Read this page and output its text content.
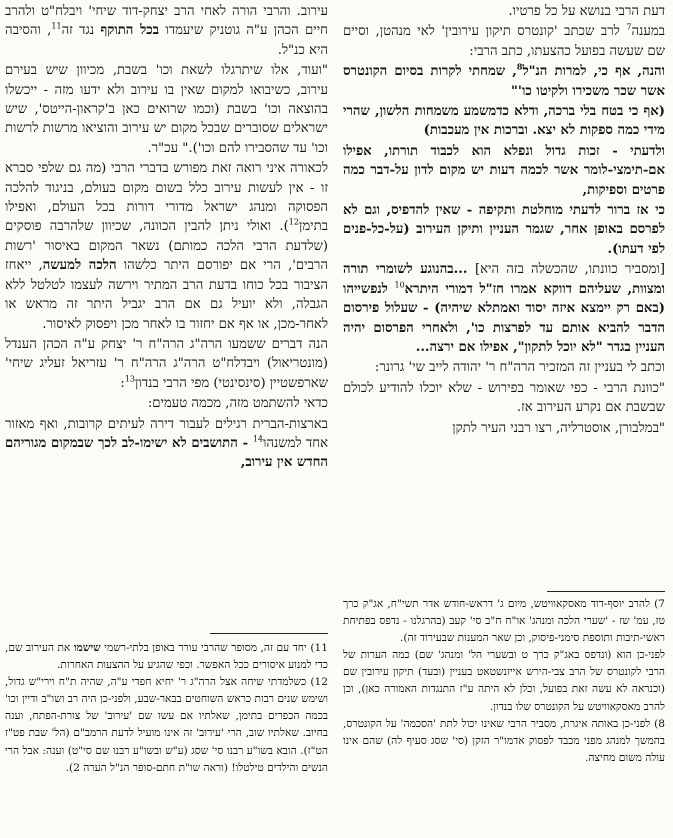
דעת הרבי בנושא על כל פרטיו.

במענה$^7$ לרב שכתב 'קונטרס תיקון עירובין' לאי מנהטן, וסיים שם שעשה בפועל כהצעתו, כתב הרבי:

והנה, אף כי, למרות הנ"ל$^8$, שמחתי לקרות בסיום הקונטרס אשר שכר משכירו ולקיטו כו'"

(אף כי בטח בלי ברכה, ודלא כדמשמע משמחות הלשון, שהרי מידי כמה ספקות לא יצא. וברכות אין מעכבות)

ולדעתי - זכות גדול ונפלא הוא לכבוד תורתו, אפילו אם-תימצי-לומר אשר לכמה דעות יש מקום לדון על-דבר כמה פרטים וספיקות,

כי אז ברור לדעתי מוחלטת ותקיפה - שאין להדפיס, וגם לא לפרסם באופן אחר, שגמר העניין ותיקן העירוב (על-כל-פנים לפי דעתו).

[ומסביר כוונתו, שהכשלה בזה היא] ...בהנוגע לשומרי תורה ומצוות, שעליהם דווקא אמרו חז"ל דמורי היתרא$^{10}$ לנפשייהו (באם רק יימצא איזה יסוד ואמתלא שיהיה) - שעלול פירסום הדבר להביא אותם עד לפרצות כו', ולאחרי הפרסום יהיה העניין בגדר "לא יוכל לתקון", אפילו אם ירצה...

וכתב לי בעניין זה המזכיר הרה"ח ר' יהודה לייב שי' גרונר:

"כוונת הרבי - כפי שאומר בפירוש - שלא יוכלו להודיע לכולם שבשבת אם נקרע העירוב אז.

"במלבורן, אוסטרליה, רצו רבני העיר לתקן

עירוב. והרבי הורה לאחי הרב יצחק-דוד שיחי' ויבלח"ט ולהרב חיים הכהן ע"ה גוטניק שיעמדו בכל התוקף נגד זה$^{11}$, והסיבה היא כנ"ל.

"ועוד, אלו שיתרגלו לשאת וכו' בשבת, מכיוון שיש בעירם עירוב, כשיבואו למקום שאין בו עירוב ולא ידעו מזה - ייכשלו בהוצאה וכו' בשבת (וכמו שרואים כאן ב'קראון-הייטס', שיש ישראלים שסוברים שבכל מקום יש עירוב והוציאו מרשות לרשות וכו' עד שהסבירו להם וכו')." עכ"ר.

לכאורה איני רואה זאת מפורש בדברי הרבי (מה גם שלפי סברא זו - אין לעשות עירוב כלל בשום מקום בעולם, בניגוד להלכה הפסוקה ומנהג ישראל מדורי דורות בכל העולם, ואפילו בתימן$^{12}$). ואולי ניתן להבין הכוונה, שכיוון שלהרבה פוסקים (שלדעת הרבי הלכה כמותם) נשאר המקום באיסור 'רשות הרבים', הרי אם יפורסם היתר כלשהו הלכה למעשה, ייאחז הציבור בכל כוחו בדעת הרב המתיר וירשה לעצמו לטלטל ללא הגבלה, ולא יועיל גם אם הרב יגביל היתר זה מראש או לאחר-מכן, או אף אם יחזור בו לאחר מכן ויפסוק לאיסור.

הנה דברים ששמעו הרה"ג הרה"ח ר' יצחק ע"ה הכהן הענדל (מונטריאול) ויבדלח"ט הרה"ג הרה"ח ר' עזריאל זעליג שיחי' שארפשטיין (סינסינטי) מפי הרבי בנדון$^{13}$:

כדאי להשתמט מזה, מכמה טעמים:

בארצות-הברית רגילים לעבור דירה לעיתים קרובות, ואף מאזור אחד למשנהו$^{14}$ - התושבים לא ישימו-לב לכך שבמקום מגוריהם החדש אין עירוב,

7) להרב יוסף-דוד מאסקאוויטש, מיום ג' דראש-חודש אדר תשי"ח, אג"ק כרך טז, עמ' שז - 'שערי הלכה ומנהג' או"ח ח"ב סי' קעב (בהרגלנו - נדפס בפתיחת ראשי-תיבות ותוספת סימני-פיסוק, וכן שאר המענות שבעירוד זה).

לפני-כן הוא (ונדפס באג"ק כרך ט ובשערי הל' ומנהג' שם) כמה הערות של הרבי לקונטרס של הרב צבי-הירש אייזנשטאט בעניין (ובעד) תיקון עירובין שם (וכנראה לא עשה זאת בפועל, וכלן לא היתה ע"ז התנגדות האמורה כאן), וכן להרב מאסקאוויטש על הקונטרס שלו בנדון.

8) לפני-כן באותה איגרת, מסביר הרבי שאינו יכול לתת 'הסכמה' על הקונטרס, בהמשך למנהג מפני מכבד לפסוק אדמו"ר הזקן (סי' שסג סעיף לה) שהם אינו עולה משום מחיצה.

11) יחד עם זה, מסופר שהרבי עורר באופן בלתי-רשמי שישמו את העירוב שם, כדי למנוע איסורים ככל האפשר. וכפי שהגיע על ההצעות האחרות.

12) כשלמדתי שיחה אצל הרה"ג ר' יחיא חפדי ע"ה, שהיה ת"ח וירי"ש גדול, ושימש שנים רבות כראש השוחטים בבאר-שבע, ולפני-כן היה רב ושו"ב ודיין וכו' בכמה הכפרים בתימן, שאלתיו אם עשו שם 'עירוב' של צורת-הפתח, וענה בחיוב. שאלתיו שוב, הרי 'עירוב' זה אינו מועיל לדעת הרמב"ם (הל' שבת פט"ז הט"ז). הובא בשו"ע רבנו סי' שסג (ע"ש ובשו"ע רבנו שם סי"ט) וענה: אבל הרי הנשים והילדים טילטלו! (וראה שו"ת חתם-סופר הנ"ל הערה 2).
